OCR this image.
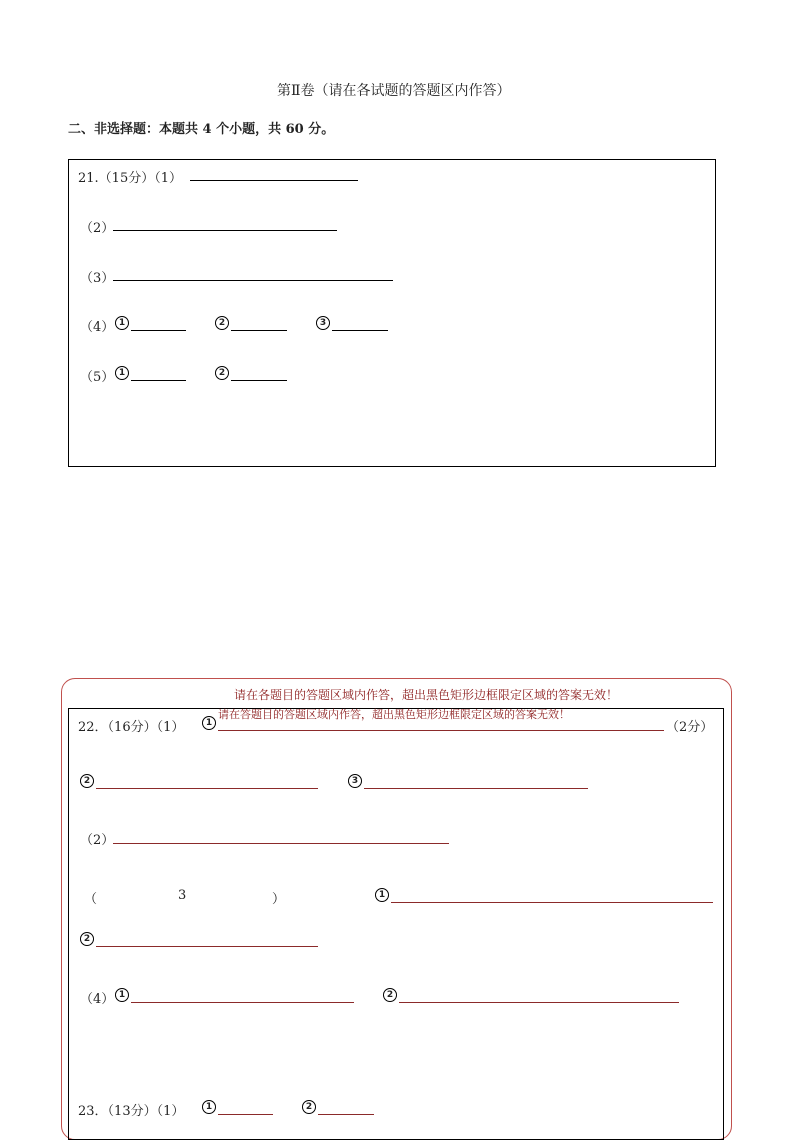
第Ⅱ卷（请在各试题的答题区内作答）
二、非选择题：本题共 4 个小题，共 60 分。
21.（15分）（1）
（2）
（3）
（4） 1	2	3
（5） 1	2
请在各题目的答题区域内作答，超出黑色矩形边框限定区域的答案无效！
请在答题目的答题区域内作答，超出黑色矩形边框限定区域的答案无效！
22．（16分）（1）	1	（2分）
2	3
（2）
（	3	）	1
2
（4） 1	2
23．（13分）（1）	1	2
